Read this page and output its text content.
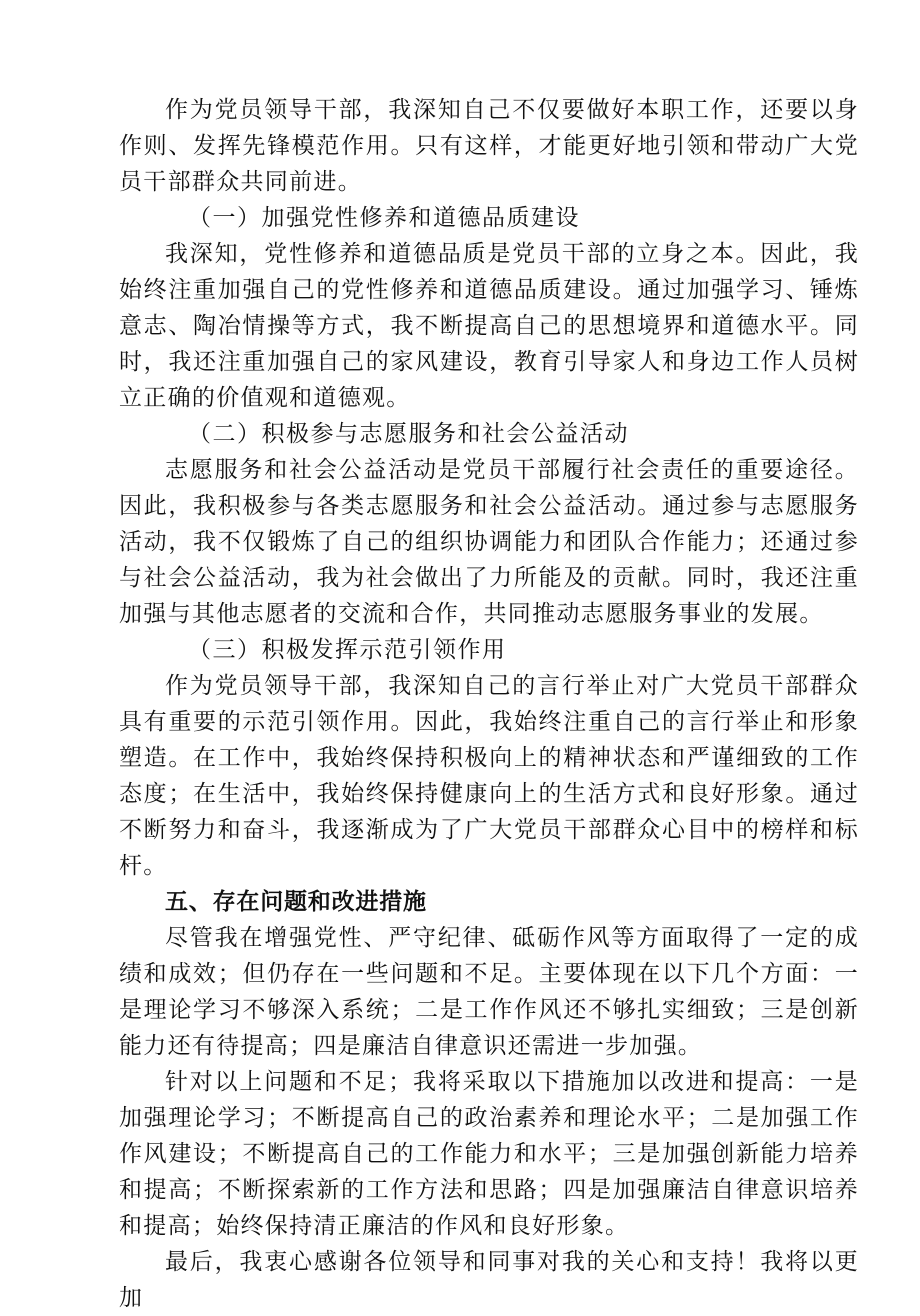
作为党员领导干部，我深知自己不仅要做好本职工作，还要以身作则、发挥先锋模范作用。只有这样，才能更好地引领和带动广大党员干部群众共同前进。

（一）加强党性修养和道德品质建设

我深知，党性修养和道德品质是党员干部的立身之本。因此，我始终注重加强自己的党性修养和道德品质建设。通过加强学习、锤炼意志、陶冶情操等方式，我不断提高自己的思想境界和道德水平。同时，我还注重加强自己的家风建设，教育引导家人和身边工作人员树立正确的价值观和道德观。

（二）积极参与志愿服务和社会公益活动

志愿服务和社会公益活动是党员干部履行社会责任的重要途径。因此，我积极参与各类志愿服务和社会公益活动。通过参与志愿服务活动，我不仅锻炼了自己的组织协调能力和团队合作能力；还通过参与社会公益活动，我为社会做出了力所能及的贡献。同时，我还注重加强与其他志愿者的交流和合作，共同推动志愿服务事业的发展。

（三）积极发挥示范引领作用

作为党员领导干部，我深知自己的言行举止对广大党员干部群众具有重要的示范引领作用。因此，我始终注重自己的言行举止和形象塑造。在工作中，我始终保持积极向上的精神状态和严谨细致的工作态度；在生活中，我始终保持健康向上的生活方式和良好形象。通过不断努力和奋斗，我逐渐成为了广大党员干部群众心目中的榜样和标杆。

五、存在问题和改进措施

尽管我在增强党性、严守纪律、砥砺作风等方面取得了一定的成绩和成效；但仍存在一些问题和不足。主要体现在以下几个方面：一是理论学习不够深入系统；二是工作作风还不够扎实细致；三是创新能力还有待提高；四是廉洁自律意识还需进一步加强。

针对以上问题和不足；我将采取以下措施加以改进和提高：一是加强理论学习；不断提高自己的政治素养和理论水平；二是加强工作作风建设；不断提高自己的工作能力和水平；三是加强创新能力培养和提高；不断探索新的工作方法和思路；四是加强廉洁自律意识培养和提高；始终保持清正廉洁的作风和良好形象。

最后，我衷心感谢各位领导和同事对我的关心和支持！我将以更加
